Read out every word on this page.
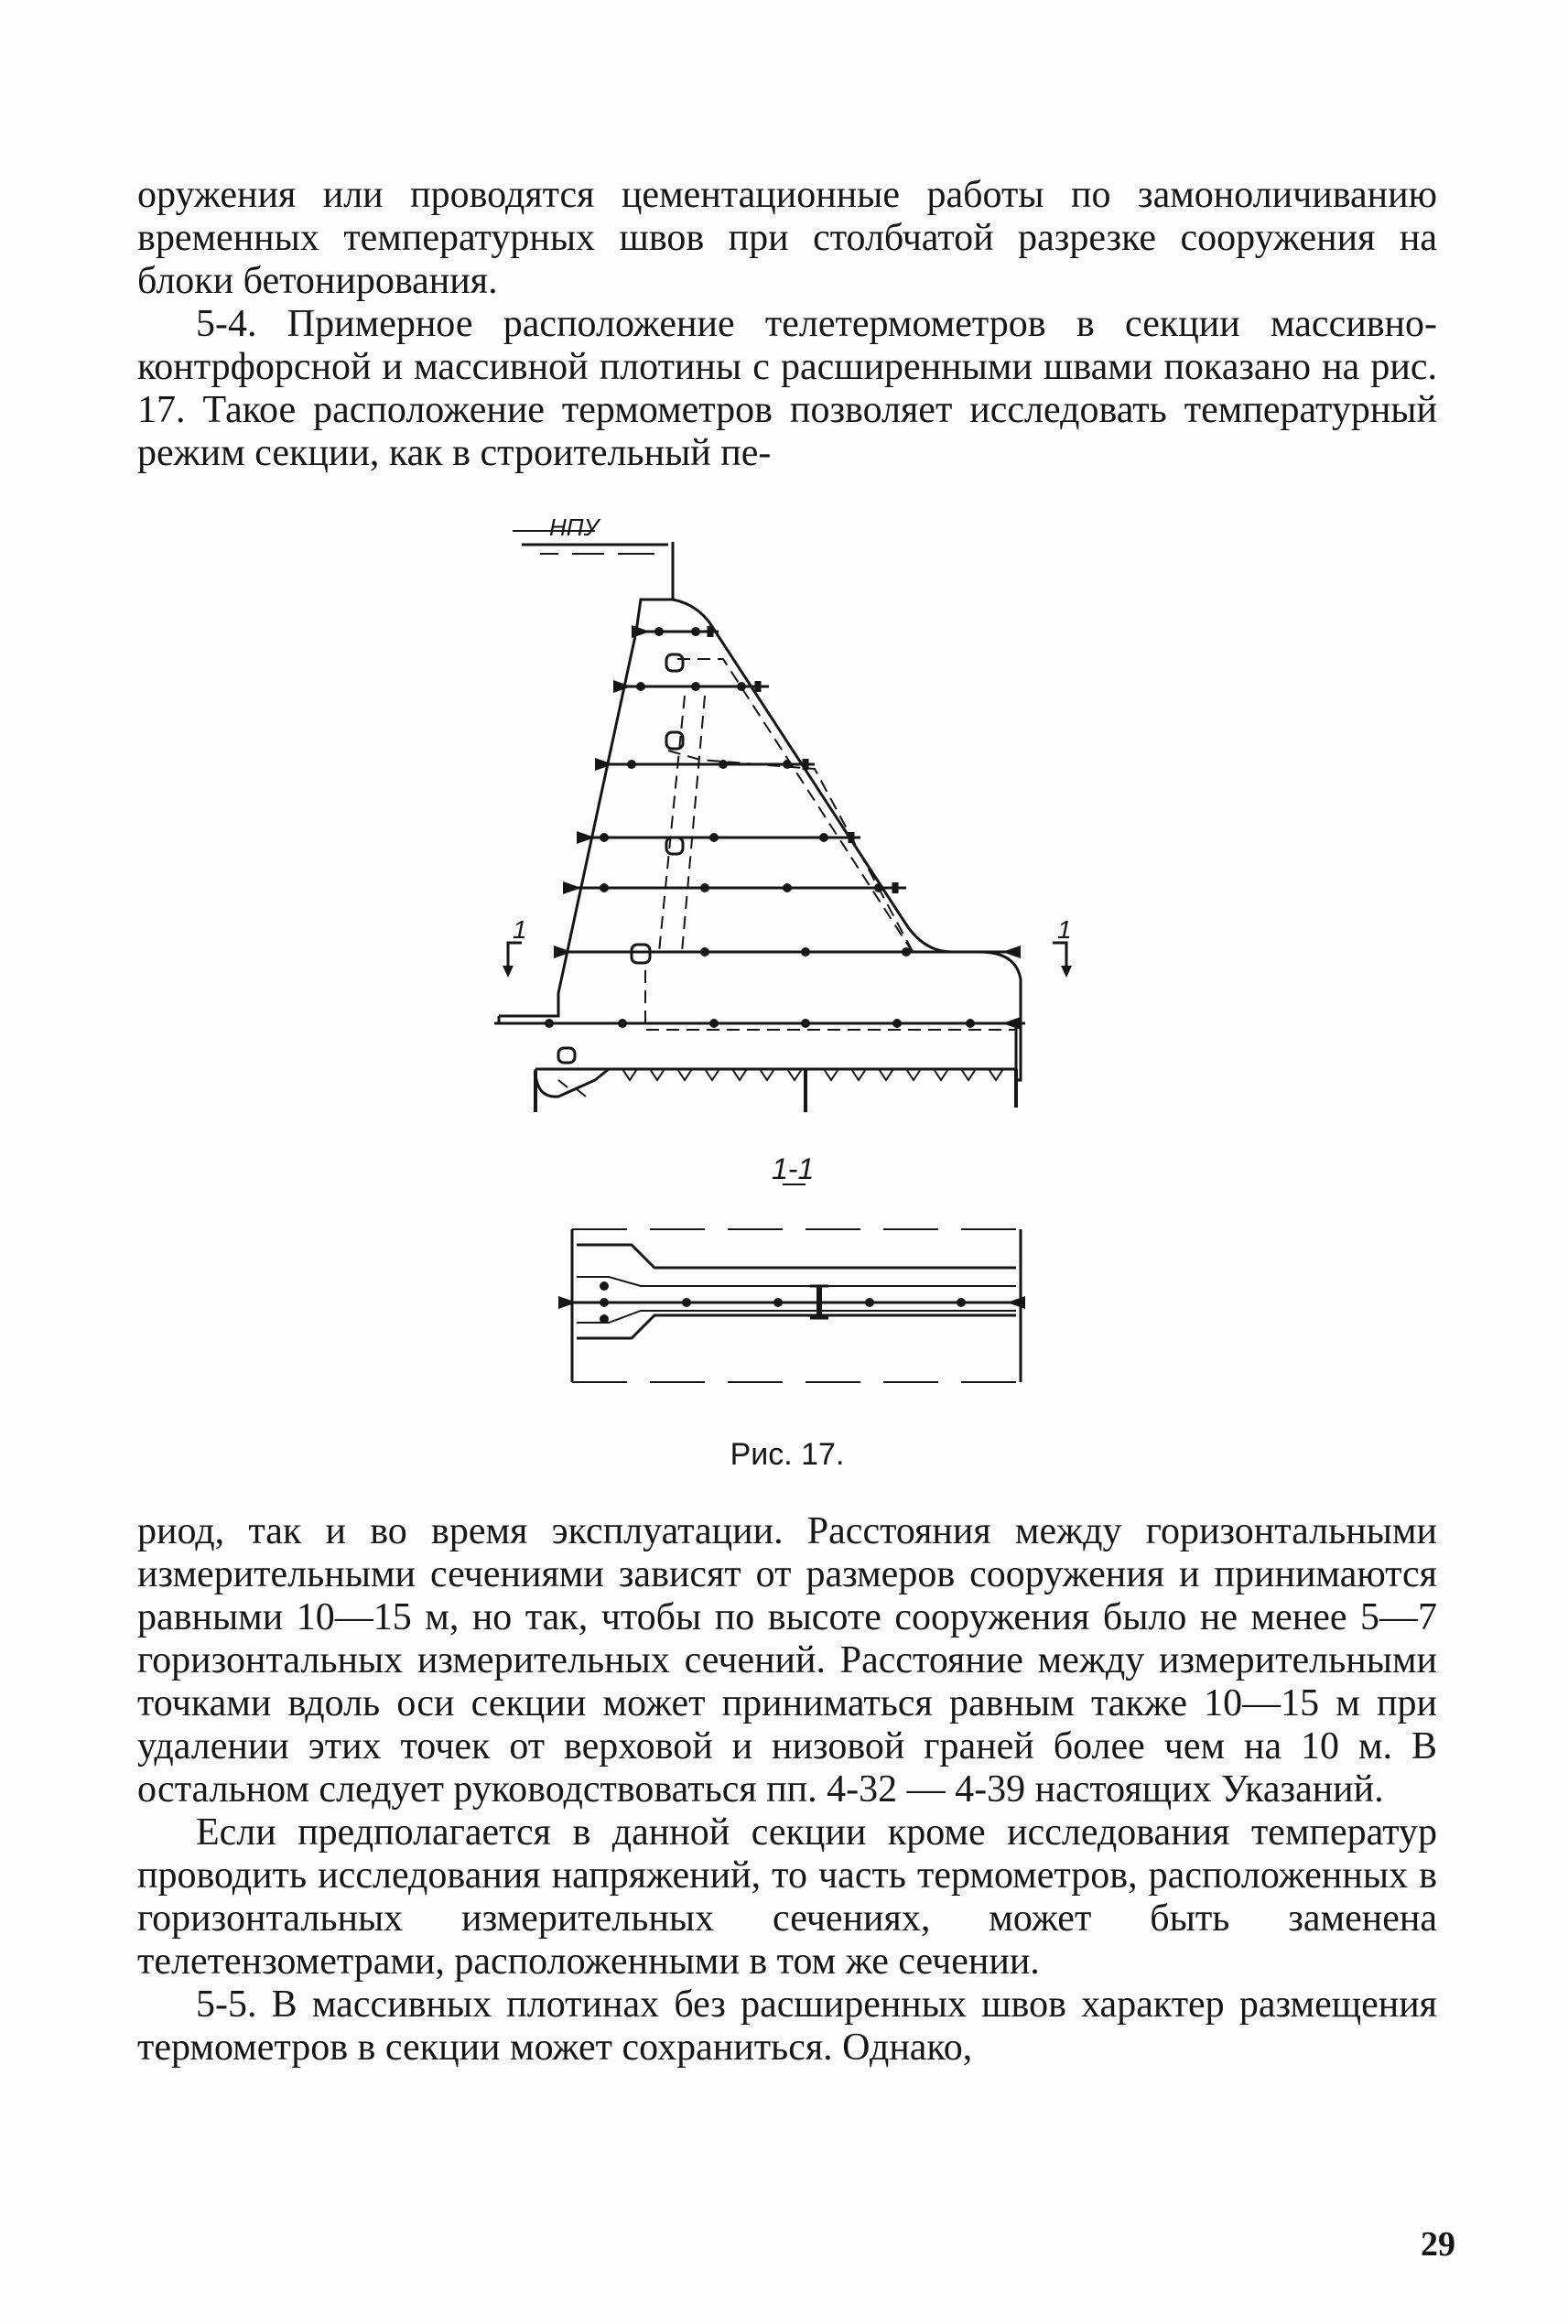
оружения или проводятся цементационные работы по замоноличиванию временных температурных швов при столбчатой разрезке сооружения на блоки бетонирования.

5-4. Примерное расположение телетермометров в секции массивно-контрфорсной и массивной плотины с расширенными швами показано на рис. 17. Такое расположение термометров позволяет исследовать температурный режим секции, как в строительный пе-

НПУ
1	1
1-1
Рис. 17.

риод, так и во время эксплуатации. Расстояния между горизонтальными измерительными сечениями зависят от размеров сооружения и принимаются равными 10—15 м, но так, чтобы по высоте сооружения было не менее 5—7 горизонтальных измерительных сечений. Расстояние между измерительными точками вдоль оси секции может приниматься равным также 10—15 м при удалении этих точек от верховой и низовой граней более чем на 10 м. В остальном следует руководствоваться пп. 4-32 — 4-39 настоящих Указаний.

Если предполагается в данной секции кроме исследования температур проводить исследования напряжений, то часть термометров, расположенных в горизонтальных измерительных сечениях, может быть заменена телетензометрами, расположенными в том же сечении.

5-5. В массивных плотинах без расширенных швов характер размещения термометров в секции может сохраниться. Однако,

29
